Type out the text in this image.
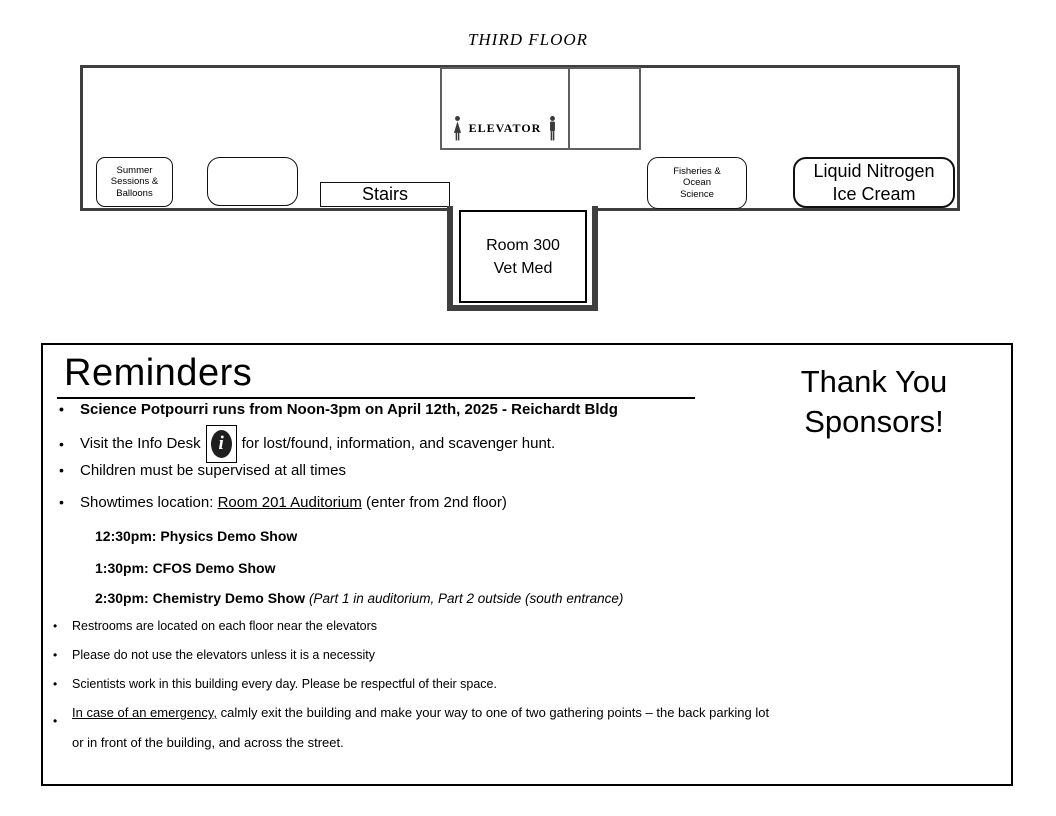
THIRD FLOOR
ELEVATOR
Summer
Sessions &
Balloons	Stairs
Fisheries &
Ocean
Science
Liquid Nitrogen
Ice Cream
Room 300
Vet Med
Reminders
• Science Potpourri runs from Noon-3pm on April 12th, 2025 - Reichardt Bldg
• Visit the Info Desk i for lost/found, information, and scavenger hunt.
• Children must be supervised at all times
• Showtimes location: Room 201 Auditorium (enter from 2nd floor)
12:30pm: Physics Demo Show
1:30pm: CFOS Demo Show
2:30pm: Chemistry Demo Show (Part 1 in auditorium, Part 2 outside (south entrance)
• Restrooms are located on each floor near the elevators
• Please do not use the elevators unless it is a necessity
• Scientists work in this building every day. Please be respectful of their space.
• In case of an emergency, calmly exit the building and make your way to one of two gathering points – the back parking lot or in front of the building, and across the street.
Thank You
Sponsors!
